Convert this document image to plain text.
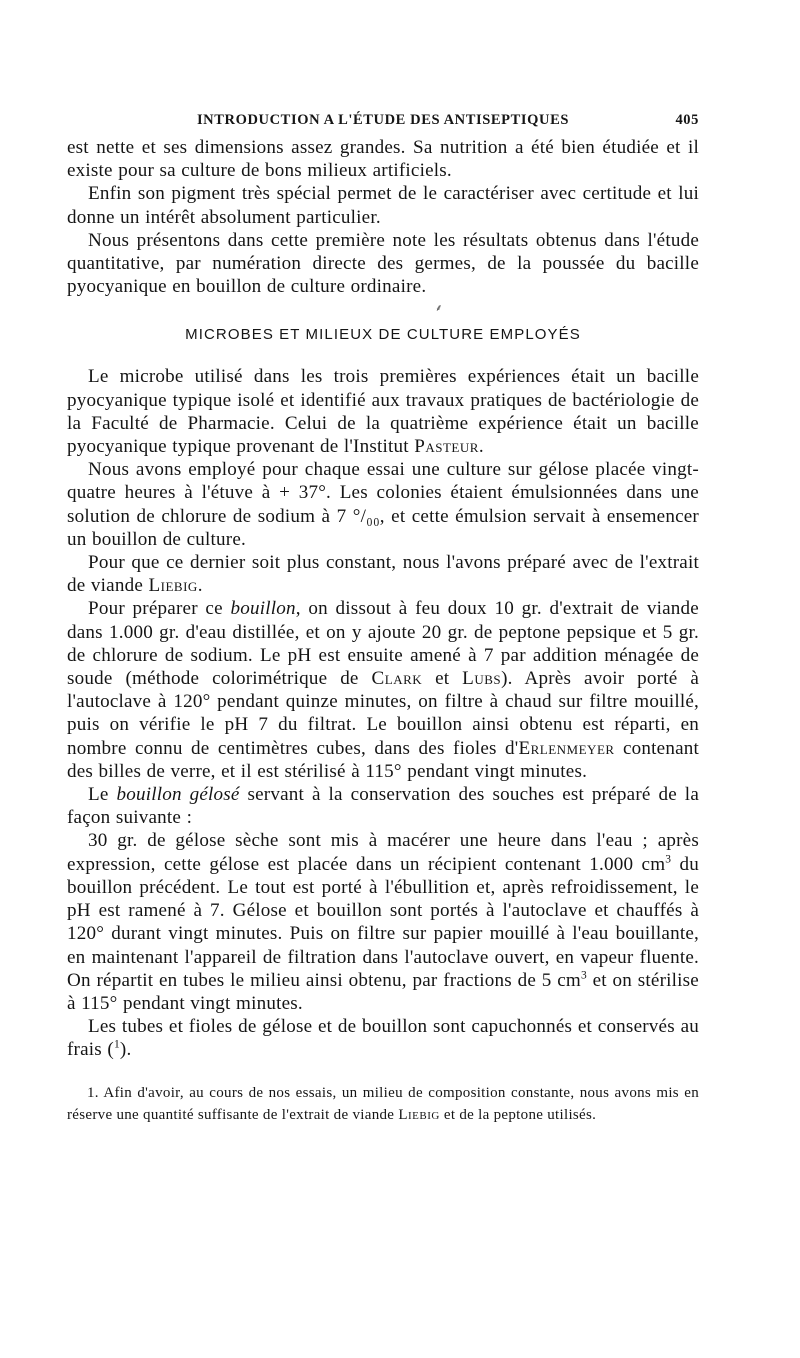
INTRODUCTION A L'ÉTUDE DES ANTISEPTIQUES	405

est nette et ses dimensions assez grandes. Sa nutrition a été bien étudiée et il existe pour sa culture de bons milieux artificiels.

Enfin son pigment très spécial permet de le caractériser avec certitude et lui donne un intérêt absolument particulier.

Nous présentons dans cette première note les résultats obtenus dans l'étude quantitative, par numération directe des germes, de la poussée du bacille pyocyanique en bouillon de culture ordinaire.

⸙
MICROBES ET MILIEUX DE CULTURE EMPLOYÉS

Le microbe utilisé dans les trois premières expériences était un bacille pyocyanique typique isolé et identifié aux travaux pratiques de bactériologie de la Faculté de Pharmacie. Celui de la quatrième expérience était un bacille pyocyanique typique provenant de l'Institut Pasteur.

Nous avons employé pour chaque essai une culture sur gélose placée vingt-quatre heures à l'étuve à + 37°. Les colonies étaient émulsionnées dans une solution de chlorure de sodium à 7 °/₀₀, et cette émulsion servait à ensemencer un bouillon de culture.

Pour que ce dernier soit plus constant, nous l'avons préparé avec de l'extrait de viande Liebig.

Pour préparer ce bouillon, on dissout à feu doux 10 gr. d'extrait de viande dans 1.000 gr. d'eau distillée, et on y ajoute 20 gr. de peptone pepsique et 5 gr. de chlorure de sodium. Le pH est ensuite amené à 7 par addition ménagée de soude (méthode colorimétrique de Clark et Lubs). Après avoir porté à l'autoclave à 120° pendant quinze minutes, on filtre à chaud sur filtre mouillé, puis on vérifie le pH 7 du filtrat. Le bouillon ainsi obtenu est réparti, en nombre connu de centimètres cubes, dans des fioles d'Erlenmeyer contenant des billes de verre, et il est stérilisé à 115° pendant vingt minutes.

Le bouillon gélosé servant à la conservation des souches est préparé de la façon suivante :

30 gr. de gélose sèche sont mis à macérer une heure dans l'eau ; après expression, cette gélose est placée dans un récipient contenant 1.000 $cm^3$ du bouillon précédent. Le tout est porté à l'ébullition et, après refroidissement, le pH est ramené à 7. Gélose et bouillon sont portés à l'autoclave et chauffés à 120° durant vingt minutes. Puis on filtre sur papier mouillé à l'eau bouillante, en maintenant l'appareil de filtration dans l'autoclave ouvert, en vapeur fluente. On répartit en tubes le milieu ainsi obtenu, par fractions de 5 $cm^3$ et on stérilise à 115° pendant vingt minutes.

Les tubes et fioles de gélose et de bouillon sont capuchonnés et conservés au frais ($^1$).

1. Afin d'avoir, au cours de nos essais, un milieu de composition constante, nous avons mis en réserve une quantité suffisante de l'extrait de viande Liebig et de la peptone utilisés.
